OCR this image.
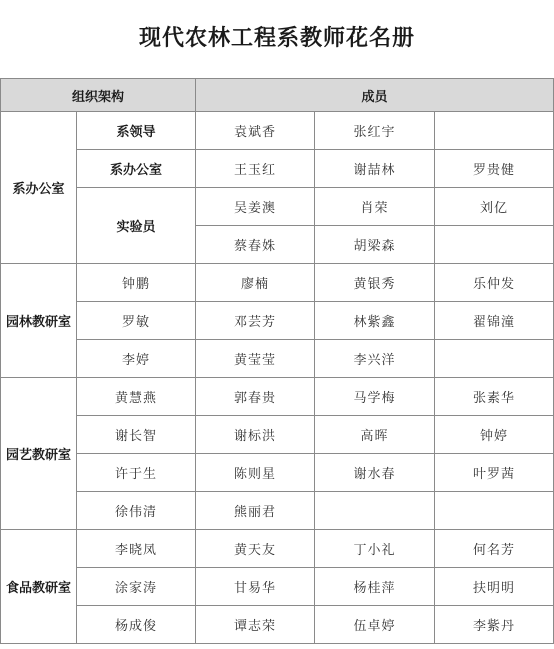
现代农林工程系教师花名册
组织架构		成员		
系办公室	系领导	袁斌香	张红宇	
	系办公室	王玉红	谢喆林	罗贵健
	实验员	吴姜澳	肖荣	刘亿
		蔡春姝	胡梁森	
园林教研室	钟鹏	廖楠	黄银秀	乐仲发
	罗敏	邓芸芳	林紫鑫	翟锦潼
	李婷	黄莹莹	李兴洋	
园艺教研室	黄慧燕	郭春贵	马学梅	张素华
	谢长智	谢标洪	高晖	钟婷
	许于生	陈则星	谢水春	叶罗茜
	徐伟清	熊丽君		
食品教研室	李晓凤	黄天友	丁小礼	何名芳
	涂家涛	甘易华	杨桂萍	扶明明
	杨成俊	谭志荣	伍卓婷	李紫丹
